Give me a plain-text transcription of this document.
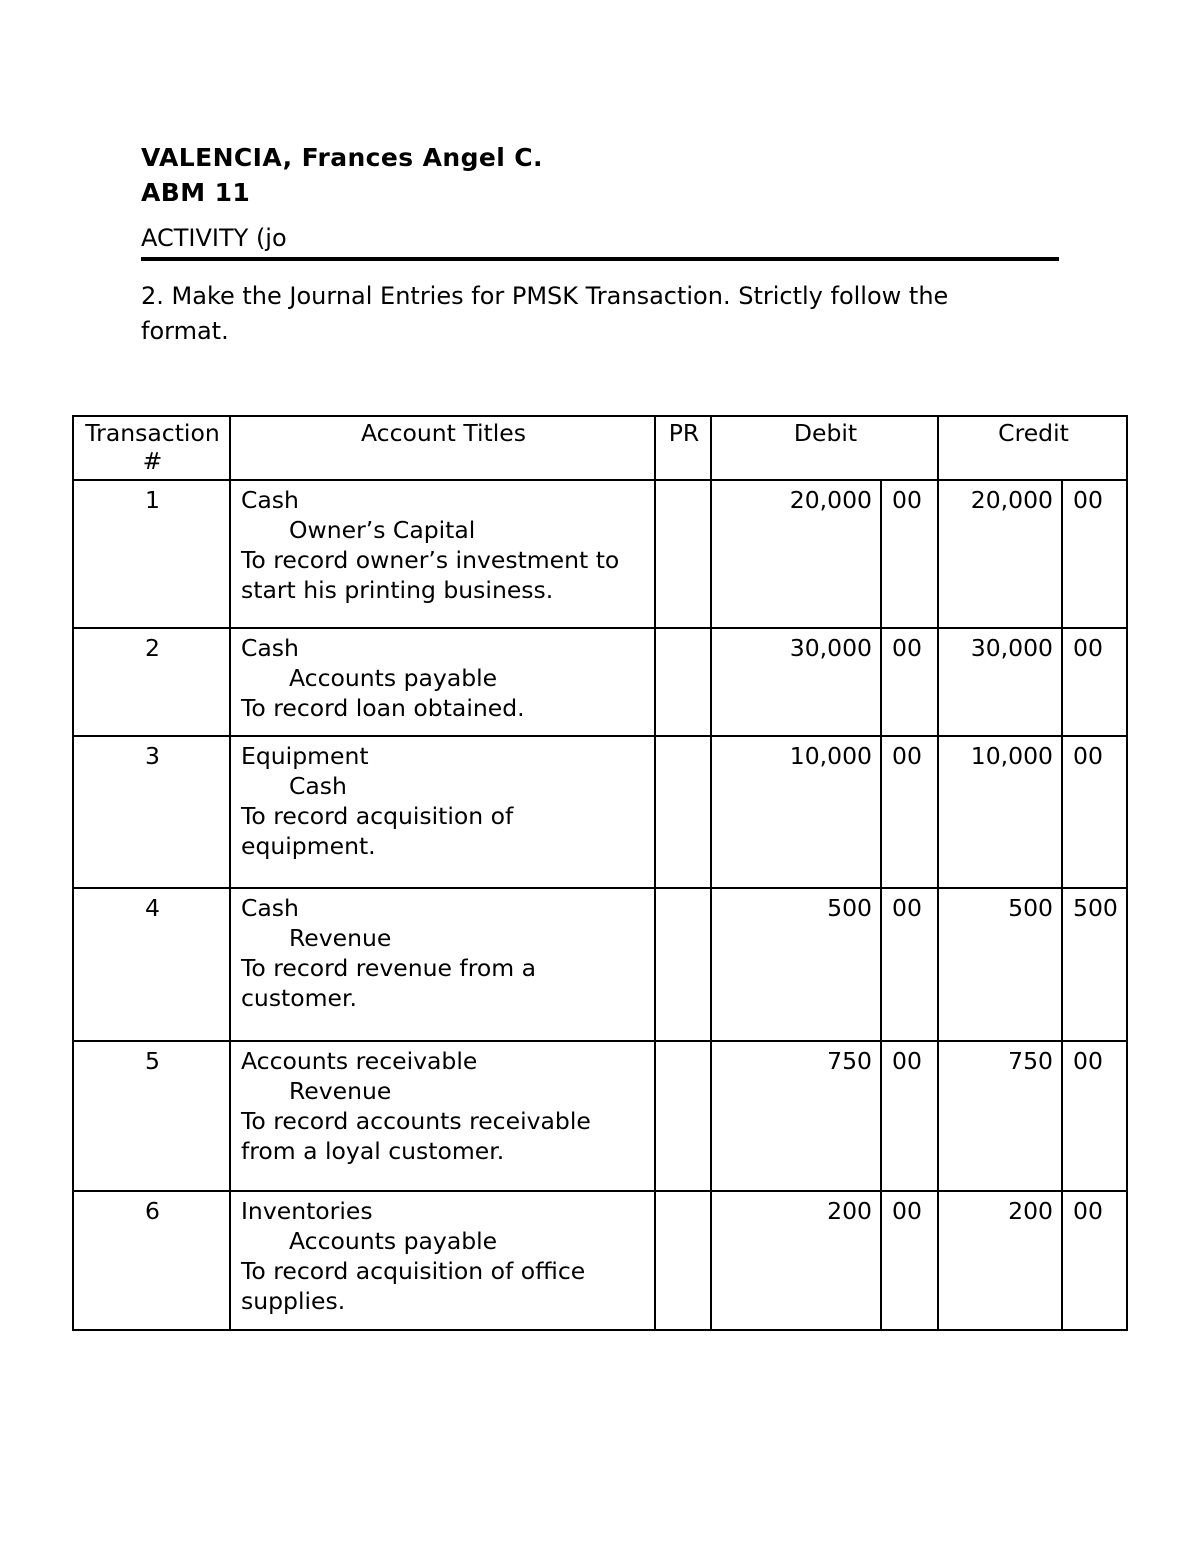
VALENCIA, Frances Angel C.
ABM 11
ACTIVITY (jo
2. Make the Journal Entries for PMSK Transaction. Strictly follow the format.
Transaction #	Account Titles	PR	Debit		Credit	
1	Cash
Owner’s Capital
To record owner’s investment to start his printing business.		20,000	00	20,000	00
2	Cash
Accounts payable
To record loan obtained.		30,000	00	30,000	00
3	Equipment
Cash
To record acquisition of equipment.		10,000	00	10,000	00
4	Cash
Revenue
To record revenue from a customer.		500	00	500	500
5	Accounts receivable
Revenue
To record accounts receivable from a loyal customer.		750	00	750	00
6	Inventories
Accounts payable
To record acquisition of office supplies.		200	00	200	00
